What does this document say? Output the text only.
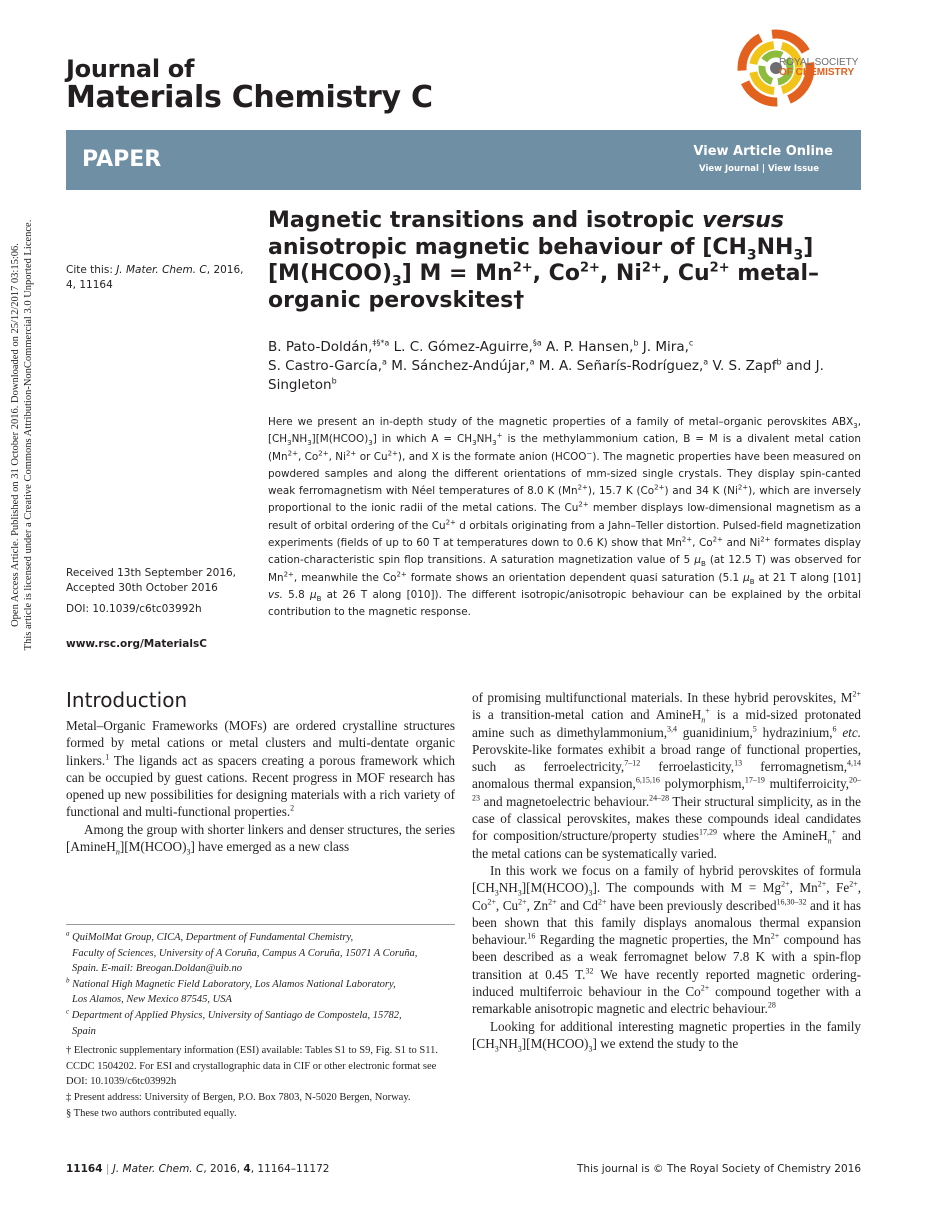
Open Access Article. Published on 31 October 2016. Downloaded on 25/12/2017 03:15:06. This article is licensed under a Creative Commons Attribution-NonCommercial 3.0 Unported Licence.
Journal of
Materials Chemistry C
ROYAL SOCIETY
OF CHEMISTRY
PAPER	View Article Online
View Journal | View Issue
Cite this: J. Mater. Chem. C, 2016, 4, 11164
Received 13th September 2016,
Accepted 30th October 2016
DOI: 10.1039/c6tc03992h
www.rsc.org/MaterialsC
Magnetic transitions and isotropic versus anisotropic magnetic behaviour of $[CH_3NH_3][M(HCOO)_3] M = Mn^{2+}$, $Co^{2+}$, $Ni^{2+}$, $Cu^{2+}$ metal–organic perovskites†
B. Pato-Doldán,$^{\ddagger\S*a}$ L. C. Gómez-Aguirre,$^{\S a}$ A. P. Hansen,$^b$ J. Mira,$^c$
S. Castro-García,$^a$ M. Sánchez-Andújar,$^a$ M. A. Señarís-Rodríguez,$^a$ V. S. Zapf$^b$ and J. Singleton$^b$
Here we present an in-depth study of the magnetic properties of a family of metal–organic perovskites $ABX_3$, $[CH_3NH_3][M(HCOO)_3]$ in which $A = CH_3NH_3^+$ is the methylammonium cation, B = M is a divalent metal cation ($Mn^{2+}$, $Co^{2+}$, $Ni^{2+}$ or $Cu^{2+}$), and X is the formate anion (HCOO−). The magnetic properties have been measured on powdered samples and along the different orientations of mm-sized single crystals. They display spin-canted weak ferromagnetism with Néel temperatures of 8.0 K $(Mn^{2+})$, 15.7 K $(Co^{2+})$ and 34 K $(Ni^{2+})$, which are inversely proportional to the ionic radii of the metal cations. The $Cu^{2+}$ member displays low-dimensional magnetism as a result of orbital ordering of the $Cu^{2+}$ d orbitals originating from a Jahn–Teller distortion. Pulsed-field magnetization experiments (fields of up to 60 T at temperatures down to 0.6 K) show that $Mn^{2+}$, $Co^{2+}$ and $Ni^{2+}$ formates display cation-characteristic spin flop transitions. A saturation magnetization value of 5 $\mu_B$ (at 12.5 T) was observed for $Mn^{2+}$, meanwhile the $Co^{2+}$ formate shows an orientation dependent quasi saturation (5.1 $\mu_B$ at 21 T along [101] vs. 5.8 $\mu_B$ at 26 T along [010]). The different isotropic/anisotropic behaviour can be explained by the orbital contribution to the magnetic response.
Introduction

Metal–Organic Frameworks (MOFs) are ordered crystalline structures formed by metal cations or metal clusters and multi-dentate organic linkers.$^1$ The ligands act as spacers creating a porous framework which can be occupied by guest cations. Recent progress in MOF research has opened up new possibilities for designing materials with a rich variety of functional and multi-functional properties.$^2$

Among the group with shorter linkers and denser structures, the series $[AmineH_n][M(HCOO)_3]$ have emerged as a new class

of promising multifunctional materials. In these hybrid perovskites, $M^{2+}$ is a transition-metal cation and AmineH$_n$+ is a mid-sized protonated amine such as dimethylammonium,$^{3,4}$ guanidinium,$^5$ hydrazinium,$^6$ etc. Perovskite-like formates exhibit a broad range of functional properties, such as ferroelectricity,$^{7-12}$ ferroelasticity,$^{13}$ ferromagnetism,$^{4,14}$ anomalous thermal expansion,$^{6,15,16}$ polymorphism,$^{17-19}$ multiferroicity,$^{20-23}$ and magnetoelectric behaviour.$^{24-28}$ Their structural simplicity, as in the case of classical perovskites, makes these compounds ideal candidates for composition/structure/property studies$^{17,29}$ where the AmineH$_n$+ and the metal cations can be systematically varied.

In this work we focus on a family of hybrid perovskites of formula $[CH_3NH_3][M(HCOO)_3]$. The compounds with $M = Mg^{2+}$, $Mn^{2+}$, $Fe^{2+}$, $Co^{2+}$, $Cu^{2+}$, $Zn^{2+}$ and $Cd^{2+}$ have been previously described$^{16,30-32}$ and it has been shown that this family displays anomalous thermal expansion behaviour.$^{16}$ Regarding the magnetic properties, the $Mn^{2+}$ compound has been described as a weak ferromagnet below 7.8 K with a spin-flop transition at 0.45 T.$^{32}$ We have recently reported magnetic ordering-induced multiferroic behaviour in the $Co^{2+}$ compound together with a remarkable anisotropic magnetic and electric behaviour.$^{28}$

Looking for additional interesting magnetic properties in the family $[CH_3NH_3][M(HCOO)_3]$ we extend the study to the

$^a$ QuiMolMat Group, CICA, Department of Fundamental Chemistry,
Faculty of Sciences, University of A Coruña, Campus A Coruña, 15071 A Coruña,
Spain. E-mail: Breogan.Doldan@uib.no
$^b$ National High Magnetic Field Laboratory, Los Alamos National Laboratory,
Los Alamos, New Mexico 87545, USA
$^c$ Department of Applied Physics, University of Santiago de Compostela, 15782,
Spain
† Electronic supplementary information (ESI) available: Tables S1 to S9, Fig. S1 to S11. CCDC 1504202. For ESI and crystallographic data in CIF or other electronic format see DOI: 10.1039/c6tc03992h
‡ Present address: University of Bergen, P.O. Box 7803, N-5020 Bergen, Norway.
§ These two authors contributed equally.
11164 | J. Mater. Chem. C, 2016, 4, 11164–11172	This journal is © The Royal Society of Chemistry 2016
